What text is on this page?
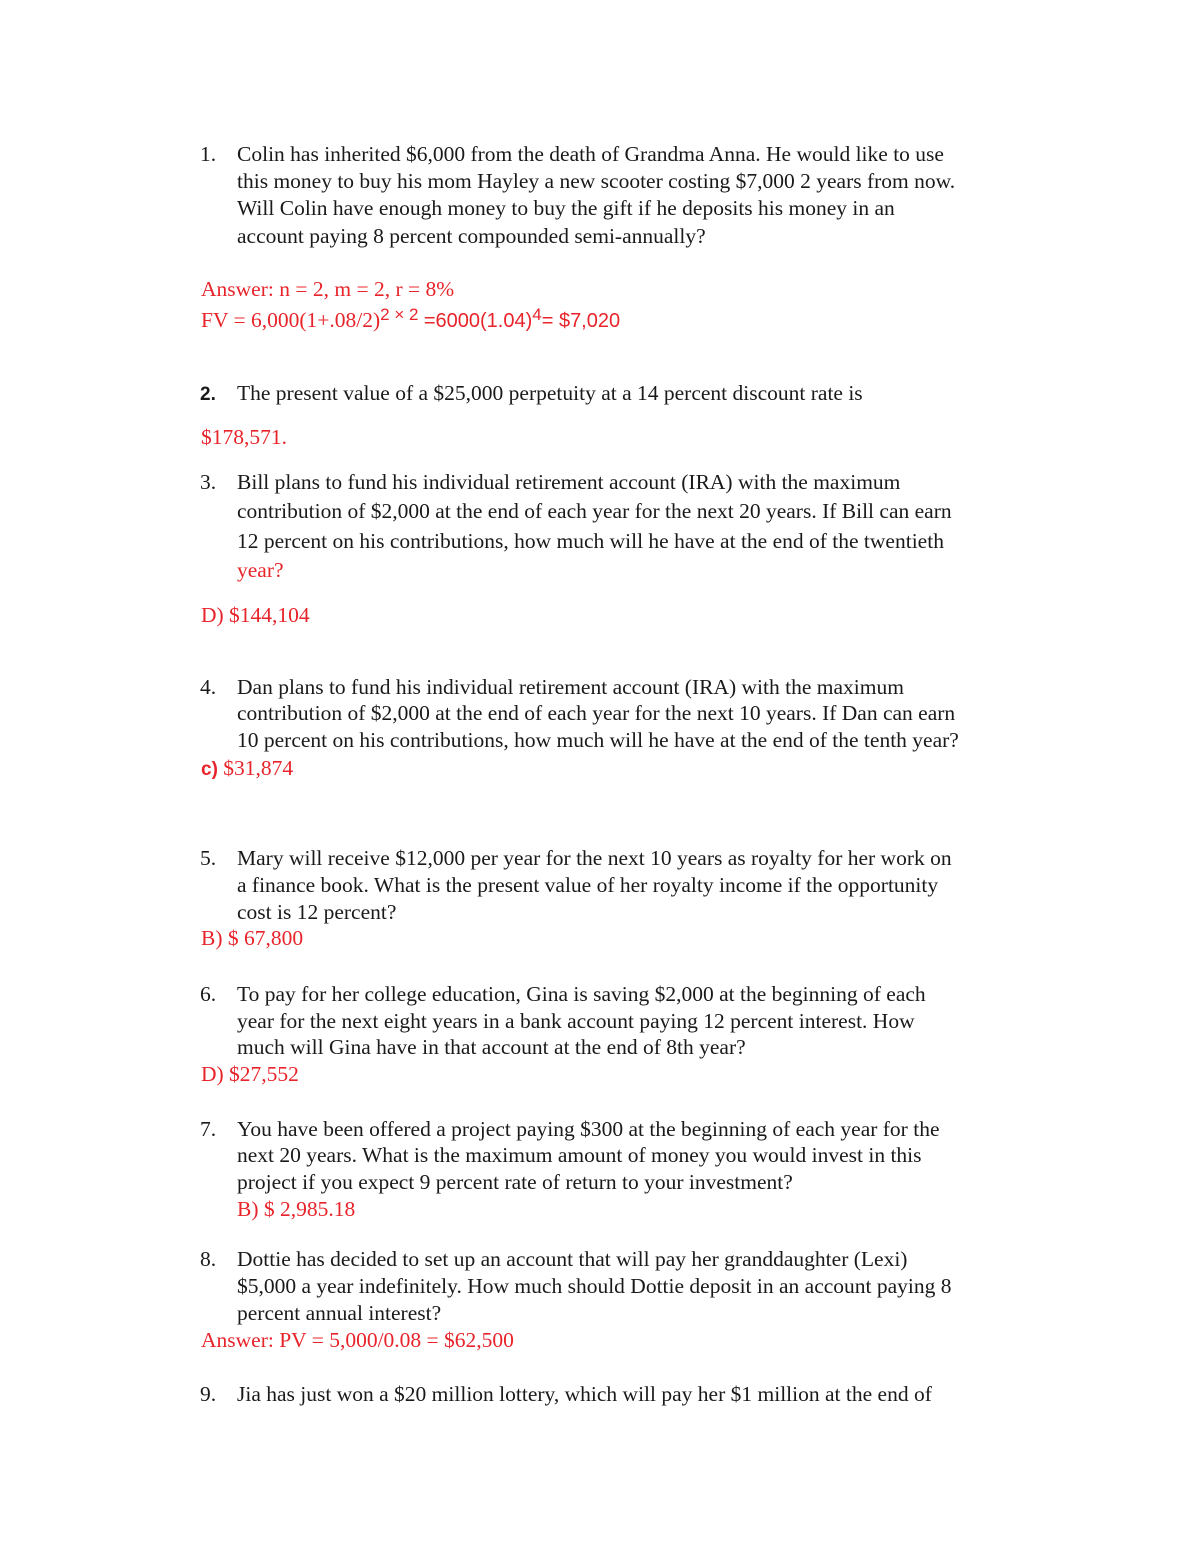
1. Colin has inherited $6,000 from the death of Grandma Anna. He would like to use
this money to buy his mom Hayley a new scooter costing $7,000 2 years from now.
Will Colin have enough money to buy the gift if he deposits his money in an
account paying 8 percent compounded semi-annually?
Answer: n = 2, m = 2, r = 8%
FV = $6,000(1+.08/2)^{2 \times 2} =6000(1.04)^4=$ $7,020
2. The present value of a $25,000 perpetuity at a 14 percent discount rate is
$178,571.
3. Bill plans to fund his individual retirement account (IRA) with the maximum
contribution of $2,000 at the end of each year for the next 20 years. If Bill can earn
12 percent on his contributions, how much will he have at the end of the twentieth
year?
D) $144,104
4. Dan plans to fund his individual retirement account (IRA) with the maximum
contribution of $2,000 at the end of each year for the next 10 years. If Dan can earn
10 percent on his contributions, how much will he have at the end of the tenth year?
c) $31,874
5. Mary will receive $12,000 per year for the next 10 years as royalty for her work on
a finance book. What is the present value of her royalty income if the opportunity
cost is 12 percent?
B) $ 67,800
6. To pay for her college education, Gina is saving $2,000 at the beginning of each
year for the next eight years in a bank account paying 12 percent interest. How
much will Gina have in that account at the end of 8th year?
D) $27,552
7. You have been offered a project paying $300 at the beginning of each year for the
next 20 years. What is the maximum amount of money you would invest in this
project if you expect 9 percent rate of return to your investment?
B) $ 2,985.18
8. Dottie has decided to set up an account that will pay her granddaughter (Lexi)
$5,000 a year indefinitely. How much should Dottie deposit in an account paying 8
percent annual interest?
Answer: PV = 5,000/0.08 = $62,500
9. Jia has just won a $20 million lottery, which will pay her $1 million at the end of
